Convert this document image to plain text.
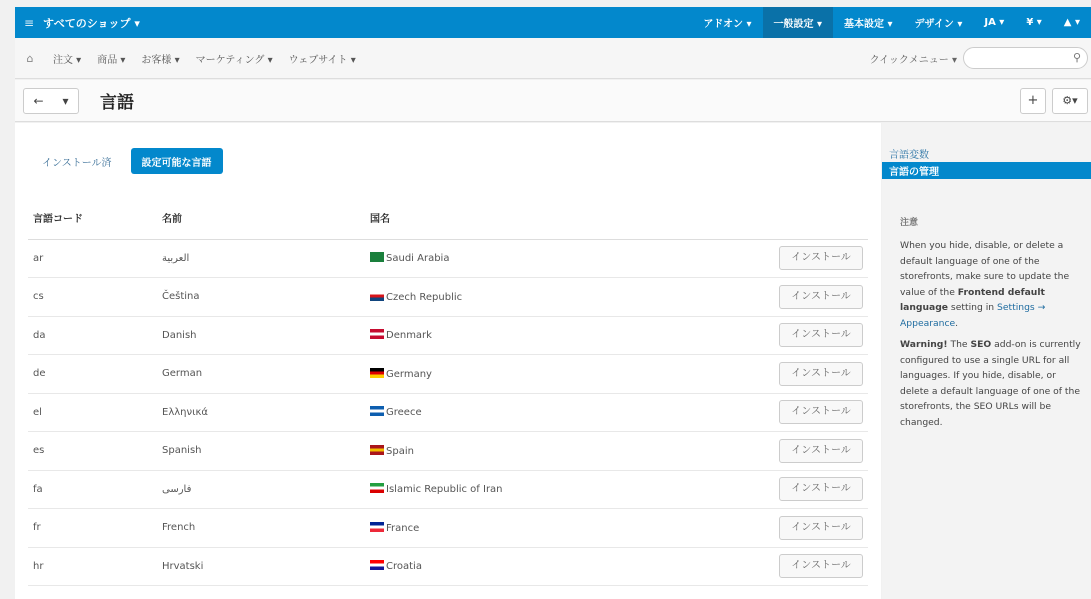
≡ すべてのショップ ▾	アドオン ▾	一般設定 ▾	基本設定 ▾	デザイン ▾	JA ▾	¥ ▾	▲ ▾
⌂	注文 ▾	商品 ▾	お客様 ▾	マーケティング ▾	ウェブサイト ▾	クイックメニュー ▾	⚲
← ▾ 言語	+	⚙▾
インストール済	設定可能な言語
言語コード	名前	国名	
ar	العربية	Saudi Arabia	インストール
cs	Čeština	Czech Republic	インストール
da	Danish	Denmark	インストール
de	German	Germany	インストール
el	Ελληνικά	Greece	インストール
es	Spanish	Spain	インストール
fa	فارسی	Islamic Republic of Iran	インストール
fr	French	France	インストール
hr	Hrvatski	Croatia	インストール
言語変数
言語の管理
注意

When you hide, disable, or delete a default language of one of the storefronts, make sure to update the value of the Frontend default language setting in Settings → Appearance.

Warning! The SEO add-on is currently configured to use a single URL for all languages. If you hide, disable, or delete a default language of one of the storefronts, the SEO URLs will be changed.
